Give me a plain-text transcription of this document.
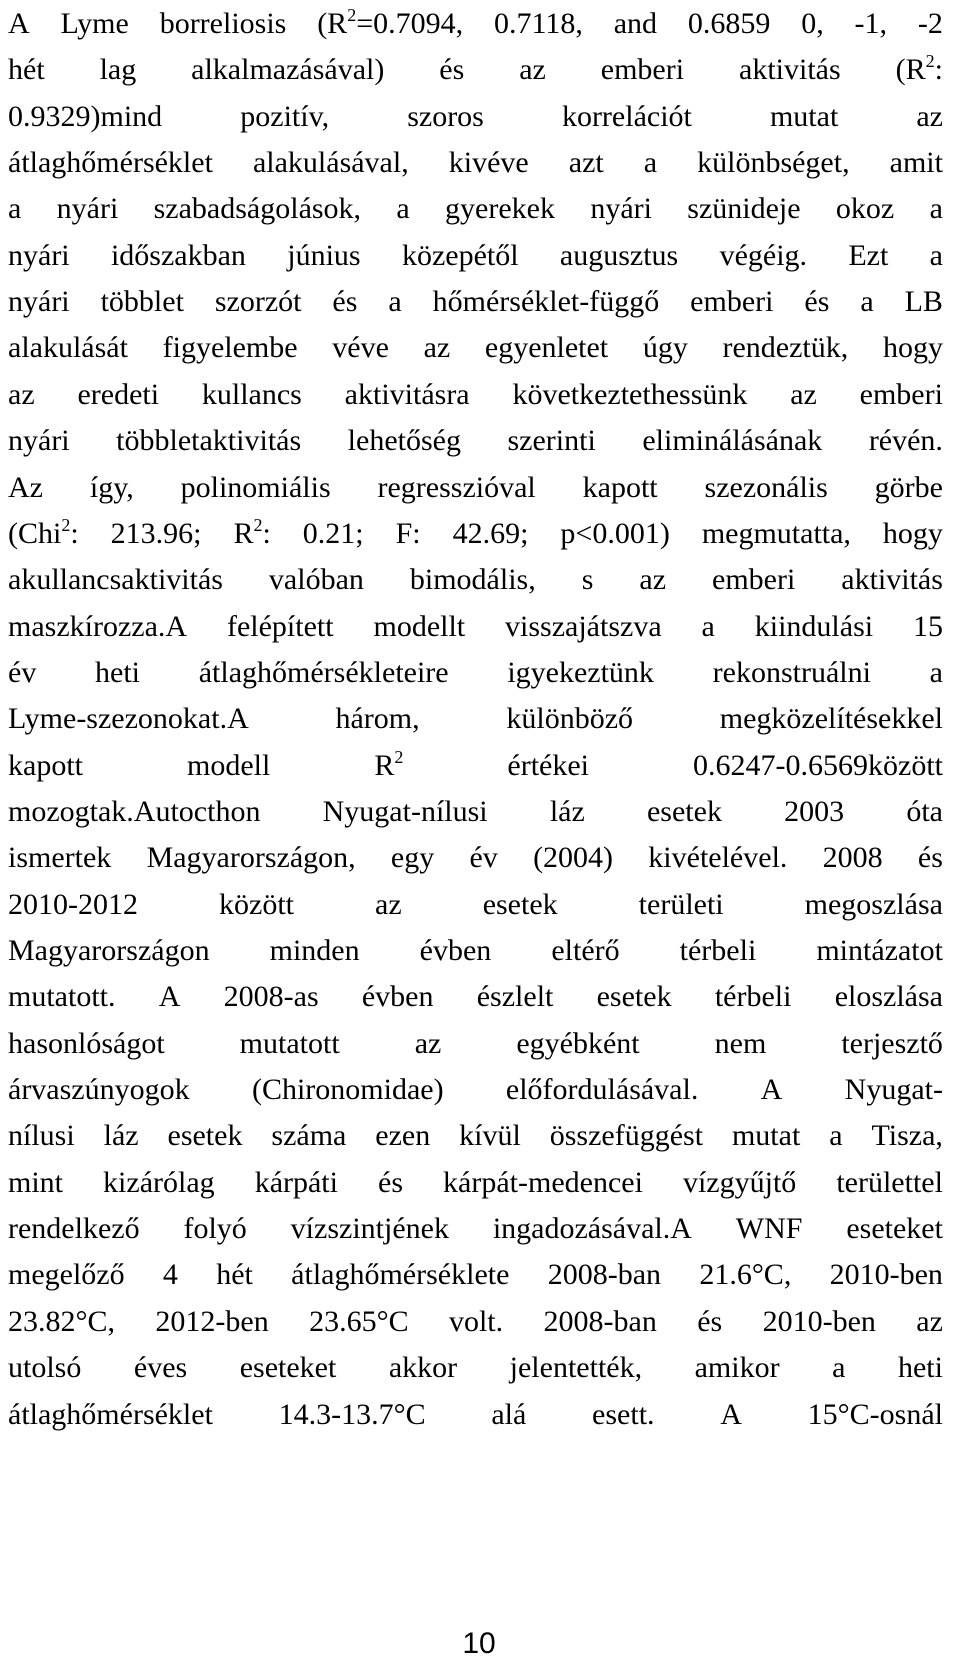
A Lyme borreliosis ($R^2=0.7094$, 0.7118, and 0.6859 0, -1, -2
hét lag alkalmazásával) és az emberi aktivitás ($R^2$:
0.9329)mind	pozitív,	szoros	korrelációt	mutat	az
átlaghőmérséklet alakulásával, kivéve azt a különbséget, amit
a nyári szabadságolások, a gyerekek nyári szünideje okoz a
nyári időszakban június közepétől augusztus végéig. Ezt a
nyári többlet szorzót és a hőmérséklet-függő emberi és a LB
alakulását figyelembe véve az egyenletet úgy rendeztük, hogy
az eredeti kullancs aktivitásra következtethessünk az emberi
nyári többletaktivitás lehetőség szerinti eliminálásának révén.
Az így, polinomiális regresszióval kapott szezonális görbe
(Chi$^2$: 213.96; $R^2$: 0.21; F: 42.69; p<0.001) megmutatta, hogy
akullancsaktivitás valóban bimodális, s az emberi aktivitás
maszkírozza.A felépített modellt visszajátszva a kiindulási 15
év heti átlaghőmérsékleteire igyekeztünk rekonstruálni a
Lyme-szezonokat.A	három,	különböző	megközelítésekkel
kapott	modell	$R^2$	értékei	0.6247-0.6569között
mozogtak.Autocthon Nyugat-nílusi láz esetek 2003 óta
ismertek Magyarországon, egy év (2004) kivételével. 2008 és
2010-2012	között	az	esetek	területi	megoszlása
Magyarországon minden évben eltérő térbeli mintázatot
mutatott. A 2008-as évben észlelt esetek térbeli eloszlása
hasonlóságot	mutatott	az	egyébként	nem	terjesztő
árvaszúnyogok (Chironomidae) előfordulásával. A Nyugat-
nílusi láz esetek száma ezen kívül összefüggést mutat a Tisza,
mint kizárólag kárpáti és kárpát-medencei vízgyűjtő területtel
rendelkező folyó vízszintjének ingadozásával.A WNF eseteket
megelőző 4 hét átlaghőmérséklete 2008-ban 21.6°C, 2010-ben
23.82°C, 2012-ben 23.65°C volt. 2008-ban és 2010-ben az
utolsó éves eseteket akkor jelentették, amikor a heti
átlaghőmérséklet 14.3-13.7°C alá esett. A 15°C-osnál
10
